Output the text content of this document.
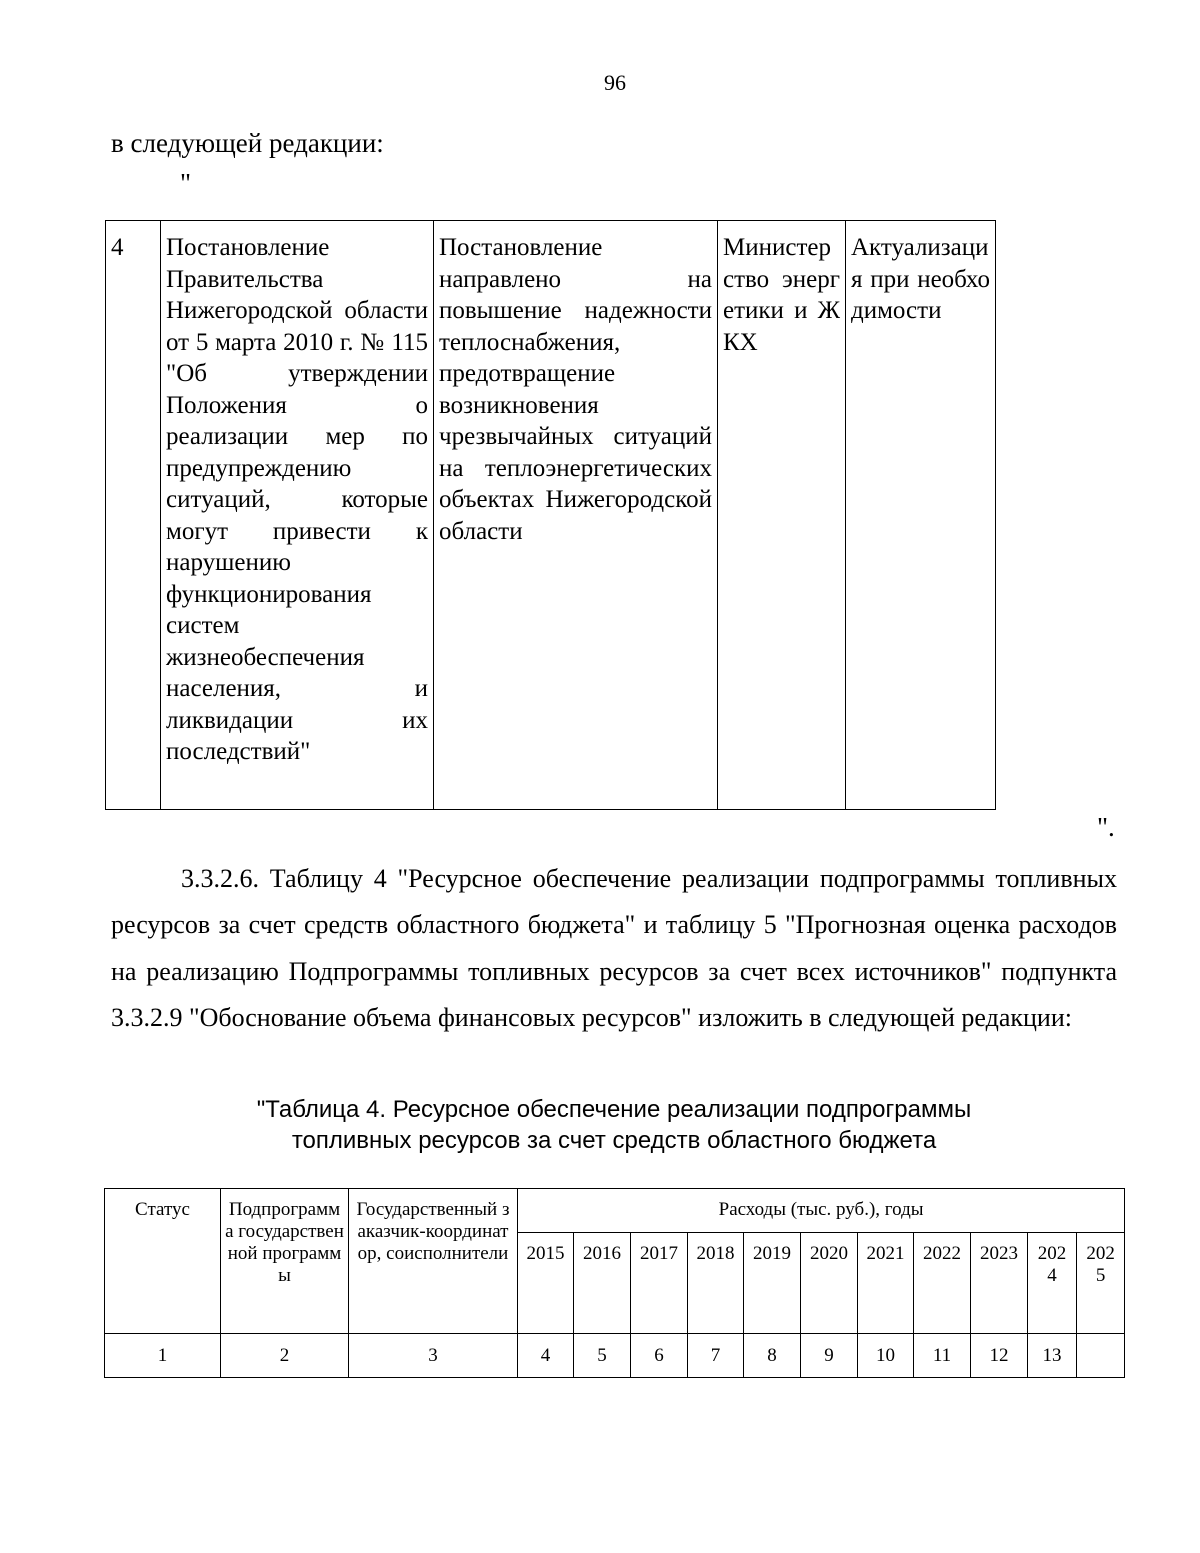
96
в следующей редакции:
"
4	Постановление Правительства Нижегородской области от 5 марта 2010 г. № 115 "Об утверждении Положения о реализации мер по предупреждению ситуаций, которые могут привести к нарушению функционирования систем жизнеобеспечения населения, и ликвидации их последствий"	Постановление направлено на повышение надежности теплоснабжения, предотвращение возникновения чрезвычайных ситуаций на теплоэнергетических объектах Нижегородской области	Министерство энергетики и ЖКХ	Актуализация при необходимости
".

3.3.2.6. Таблицу 4 "Ресурсное обеспечение реализации подпрограммы топливных ресурсов за счет средств областного бюджета" и таблицу 5 "Прогнозная оценка расходов на реализацию Подпрограммы топливных ресурсов за счет всех источников" подпункта 3.3.2.9 "Обоснование объема финансовых ресурсов" изложить в следующей редакции:

"Таблица 4. Ресурсное обеспечение реализации подпрограммы
топливных ресурсов за счет средств областного бюджета

Статус	Подпрограмма государственной программы	Государственный заказчик-координатор, соисполнители	Расходы (тыс. руб.), годы										
			2015	2016	2017	2018	2019	2020	2021	2022	2023	2024	2025
1	2	3	4	5	6	7	8	9	10	11	12	13	
